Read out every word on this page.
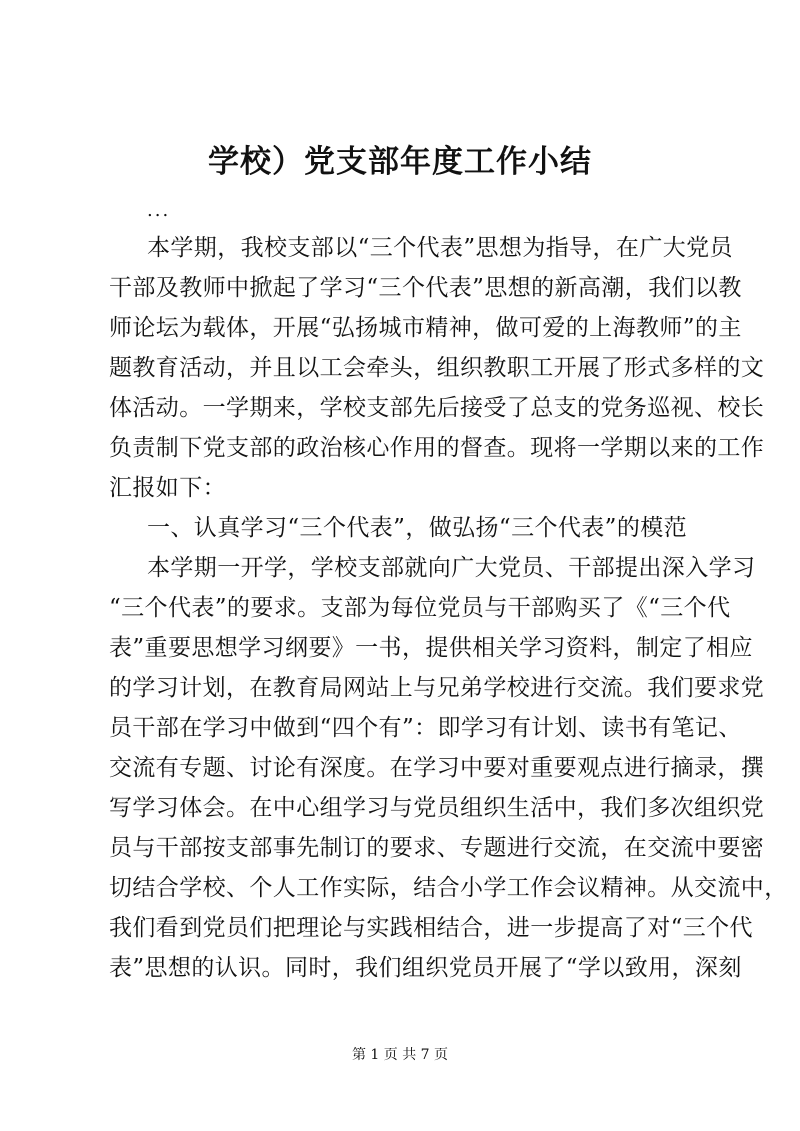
学校）党支部年度工作小结
...
本学期，我校支部以“三个代表”思想为指导，在广大党员
干部及教师中掀起了学习“三个代表”思想的新高潮，我们以教
师论坛为载体，开展“弘扬城市精神，做可爱的上海教师”的主
题教育活动，并且以工会牵头，组织教职工开展了形式多样的文
体活动。一学期来，学校支部先后接受了总支的党务巡视、校长
负责制下党支部的政治核心作用的督查。现将一学期以来的工作
汇报如下：
一、认真学习“三个代表”，做弘扬“三个代表”的模范
本学期一开学，学校支部就向广大党员、干部提出深入学习
“三个代表”的要求。支部为每位党员与干部购买了《“三个代
表”重要思想学习纲要》一书，提供相关学习资料，制定了相应
的学习计划，在教育局网站上与兄弟学校进行交流。我们要求党
员干部在学习中做到“四个有”：即学习有计划、读书有笔记、
交流有专题、讨论有深度。在学习中要对重要观点进行摘录，撰
写学习体会。在中心组学习与党员组织生活中，我们多次组织党
员与干部按支部事先制订的要求、专题进行交流，在交流中要密
切结合学校、个人工作实际，结合小学工作会议精神。从交流中，
我们看到党员们把理论与实践相结合，进一步提高了对“三个代
表”思想的认识。同时，我们组织党员开展了“学以致用，深刻
第 1 页 共 7 页
